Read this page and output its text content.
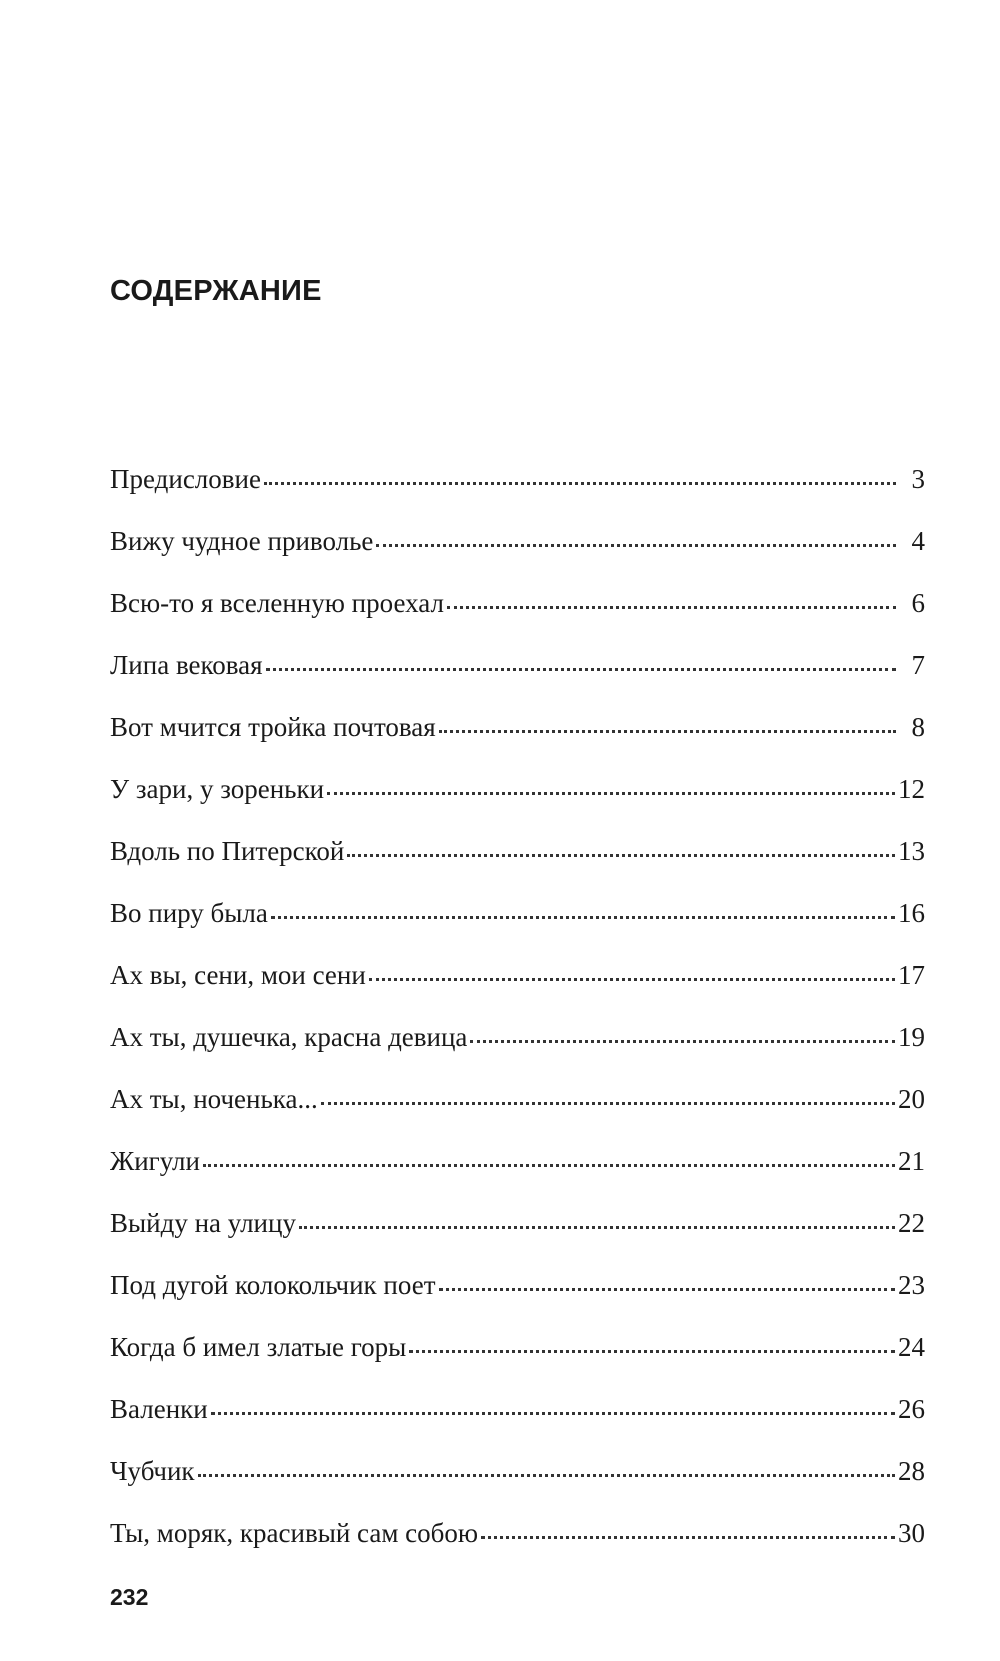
СОДЕРЖАНИЕ
Предисловие	3
Вижу чудное приволье	4
Всю-то я вселенную проехал	6
Липа вековая	7
Вот мчится тройка почтовая	8
У зари, у зореньки	12
Вдоль по Питерской	13
Во пиру была	16
Ах вы, сени, мои сени	17
Ах ты, душечка, красна девица	19
Ах ты, ноченька...	20
Жигули	21
Выйду на улицу	22
Под дугой колокольчик поет	23
Когда б имел златые горы	24
Валенки	26
Чубчик	28
Ты, моряк, красивый сам собою	30
232
